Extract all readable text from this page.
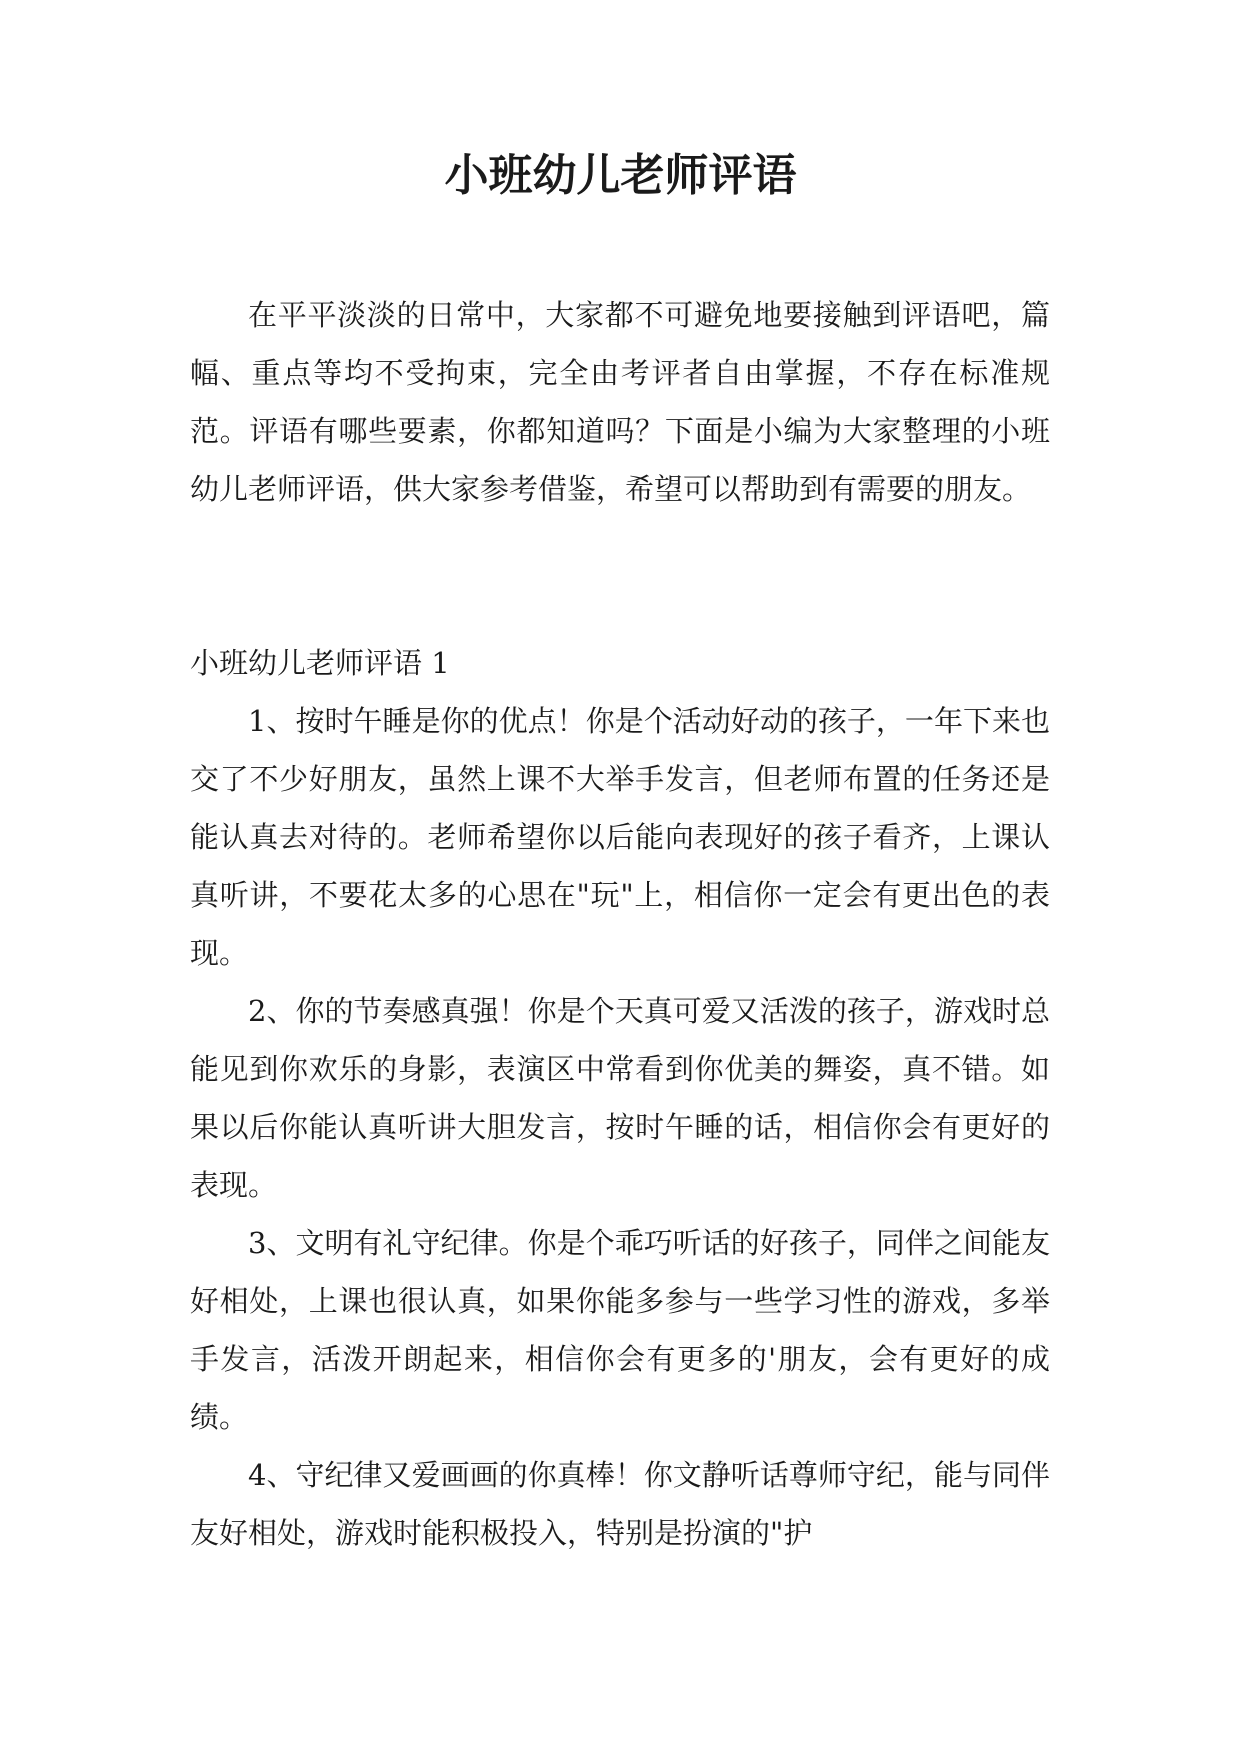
小班幼儿老师评语

在平平淡淡的日常中，大家都不可避免地要接触到评语吧，篇幅、重点等均不受拘束，完全由考评者自由掌握，不存在标准规范。评语有哪些要素，你都知道吗？下面是小编为大家整理的小班幼儿老师评语，供大家参考借鉴，希望可以帮助到有需要的朋友。

小班幼儿老师评语 1

1、按时午睡是你的优点！你是个活动好动的孩子，一年下来也交了不少好朋友，虽然上课不大举手发言，但老师布置的任务还是能认真去对待的。老师希望你以后能向表现好的孩子看齐，上课认真听讲，不要花太多的心思在"玩"上，相信你一定会有更出色的表现。

2、你的节奏感真强！你是个天真可爱又活泼的孩子，游戏时总能见到你欢乐的身影，表演区中常看到你优美的舞姿，真不错。如果以后你能认真听讲大胆发言，按时午睡的话，相信你会有更好的表现。

3、文明有礼守纪律。你是个乖巧听话的好孩子，同伴之间能友好相处，上课也很认真，如果你能多参与一些学习性的游戏，多举手发言，活泼开朗起来，相信你会有更多的'朋友，会有更好的成绩。

4、守纪律又爱画画的你真棒！你文静听话尊师守纪，能与同伴友好相处，游戏时能积极投入，特别是扮演的"护
